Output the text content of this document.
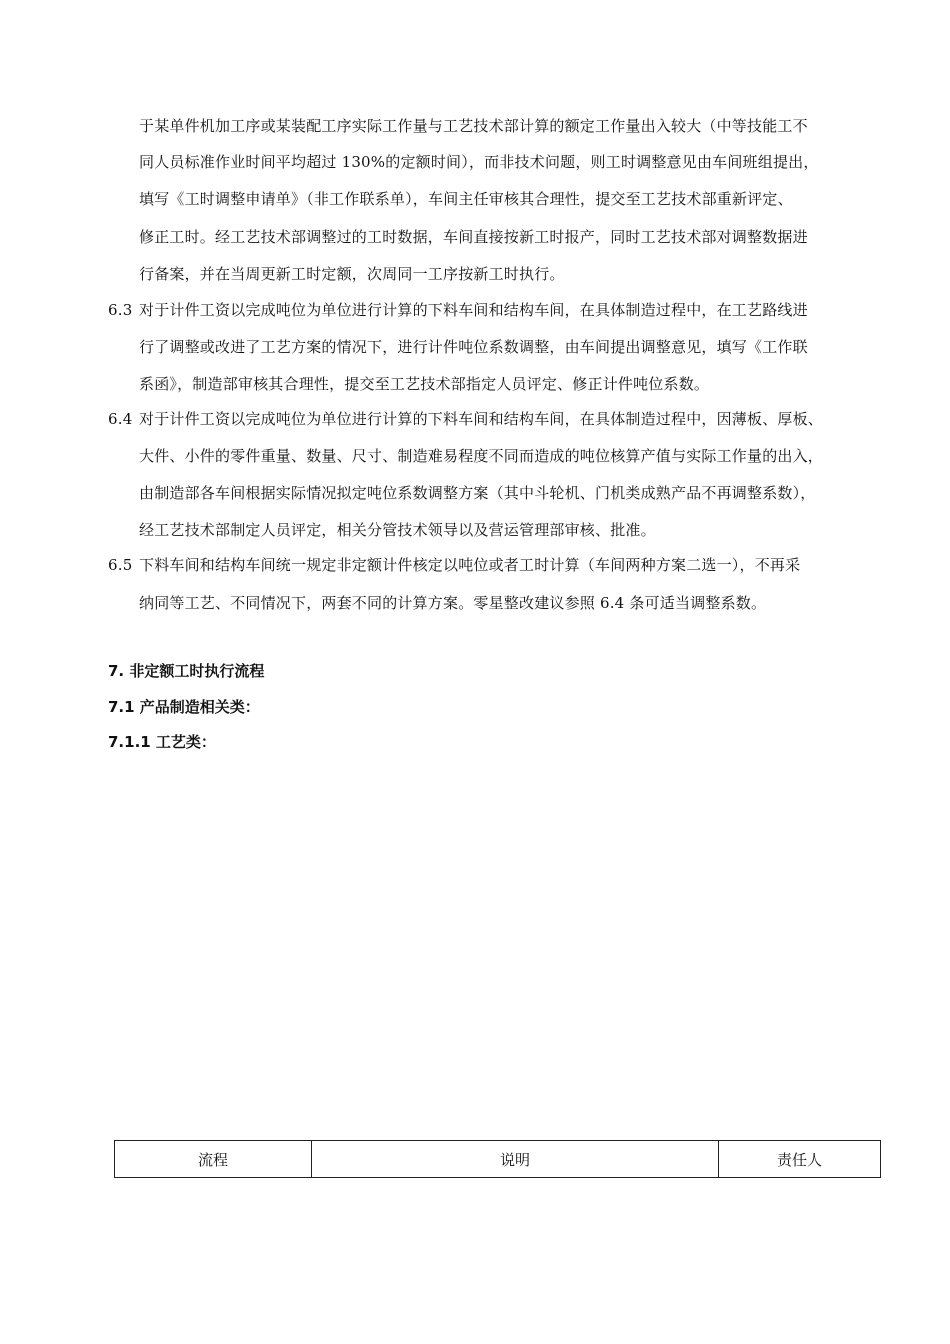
于某单件机加工序或某装配工序实际工作量与工艺技术部计算的额定工作量出入较大（中等技能工不
同人员标准作业时间平均超过 130%的定额时间），而非技术问题，则工时调整意见由车间班组提出，
填写《工时调整申请单》（非工作联系单），车间主任审核其合理性，提交至工艺技术部重新评定、
修正工时。经工艺技术部调整过的工时数据，车间直接按新工时报产，同时工艺技术部对调整数据进
行备案，并在当周更新工时定额，次周同一工序按新工时执行。
6.3 对于计件工资以完成吨位为单位进行计算的下料车间和结构车间，在具体制造过程中，在工艺路线进
行了调整或改进了工艺方案的情况下，进行计件吨位系数调整，由车间提出调整意见，填写《工作联
系函》，制造部审核其合理性，提交至工艺技术部指定人员评定、修正计件吨位系数。
6.4 对于计件工资以完成吨位为单位进行计算的下料车间和结构车间，在具体制造过程中，因薄板、厚板、
大件、小件的零件重量、数量、尺寸、制造难易程度不同而造成的吨位核算产值与实际工作量的出入，
由制造部各车间根据实际情况拟定吨位系数调整方案（其中斗轮机、门机类成熟产品不再调整系数），
经工艺技术部制定人员评定，相关分管技术领导以及营运管理部审核、批准。
6.5 下料车间和结构车间统一规定非定额计件核定以吨位或者工时计算（车间两种方案二选一），不再采
纳同等工艺、不同情况下，两套不同的计算方案。零星整改建议参照 6.4 条可适当调整系数。
7. 非定额工时执行流程
7.1 产品制造相关类：
7.1.1 工艺类：
流程	说明	责任人
